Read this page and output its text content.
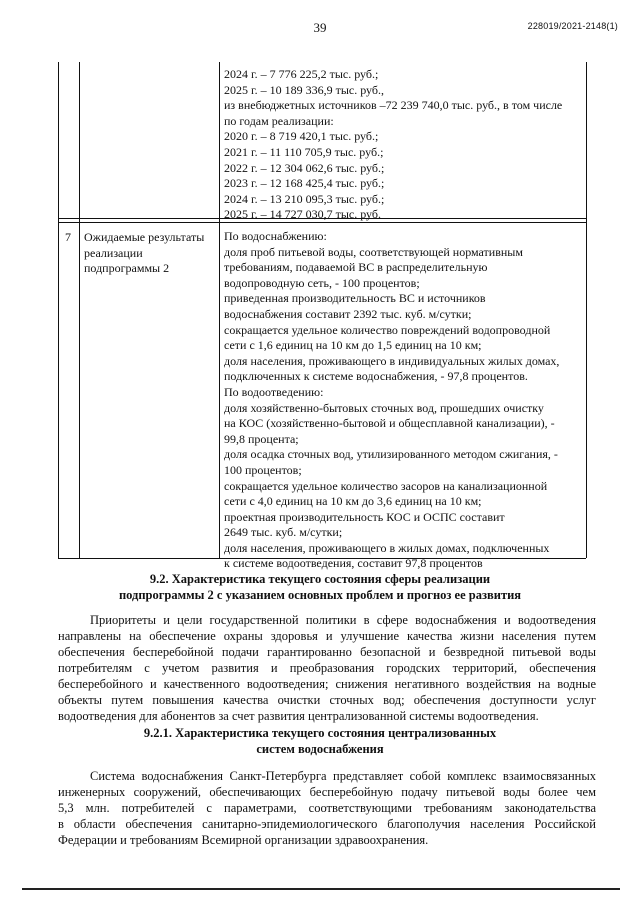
39	228019/2021-2148(1)
2024 г. – 7 776 225,2 тыс. руб.;
2025 г. – 10 189 336,9 тыс. руб.,
из внебюджетных источников –72 239 740,0 тыс. руб., в том числе
по годам реализации:
2020 г. – 8 719 420,1 тыс. руб.;
2021 г. – 11 110 705,9 тыс. руб.;
2022 г. – 12 304 062,6 тыс. руб.;
2023 г. – 12 168 425,4 тыс. руб.;
2024 г. – 13 210 095,3 тыс. руб.;
2025 г. – 14 727 030,7 тыс. руб.
7 Ожидаемые результаты
реализации
подпрограммы 2
По водоснабжению:
доля проб питьевой воды, соответствующей нормативным
требованиям, подаваемой ВС в распределительную
водопроводную сеть, - 100 процентов;
приведенная производительность ВС и источников
водоснабжения составит 2392 тыс. куб. м/сутки;
сокращается удельное количество повреждений водопроводной
сети с 1,6 единиц на 10 км до 1,5 единиц на 10 км;
доля населения, проживающего в индивидуальных жилых домах,
подключенных к системе водоснабжения, - 97,8 процентов.
По водоотведению:
доля хозяйственно-бытовых сточных вод, прошедших очистку
на КОС (хозяйственно-бытовой и общесплавной канализации), -
99,8 процента;
доля осадка сточных вод, утилизированного методом сжигания, -
100 процентов;
сокращается удельное количество засоров на канализационной
сети с 4,0 единиц на 10 км до 3,6 единиц на 10 км;
проектная производительность КОС и ОСПС составит
2649 тыс. куб. м/сутки;
доля населения, проживающего в жилых домах, подключенных
к системе водоотведения, составит 97,8 процентов
9.2. Характеристика текущего состояния сферы реализации
подпрограммы 2 с указанием основных проблем и прогноз ее развития
Приоритеты и цели государственной политики в сфере водоснабжения и водоотведения
направлены на обеспечение охраны здоровья и улучшение качества жизни населения путем
обеспечения бесперебойной подачи гарантированно безопасной и безвредной питьевой воды
потребителям с учетом развития и преобразования городских территорий, обеспечения
бесперебойного и качественного водоотведения; снижения негативного воздействия на водные
объекты путем повышения качества очистки сточных вод; обеспечения доступности услуг
водоотведения для абонентов за счет развития централизованной системы водоотведения.
9.2.1. Характеристика текущего состояния централизованных
систем водоснабжения
Система водоснабжения Санкт-Петербурга представляет собой комплекс взаимосвязанных
инженерных сооружений, обеспечивающих бесперебойную подачу питьевой воды более чем
5,3 млн. потребителей с параметрами, соответствующими требованиям законодательства
в области обеспечения санитарно-эпидемиологического благополучия населения Российской
Федерации и требованиям Всемирной организации здравоохранения.
